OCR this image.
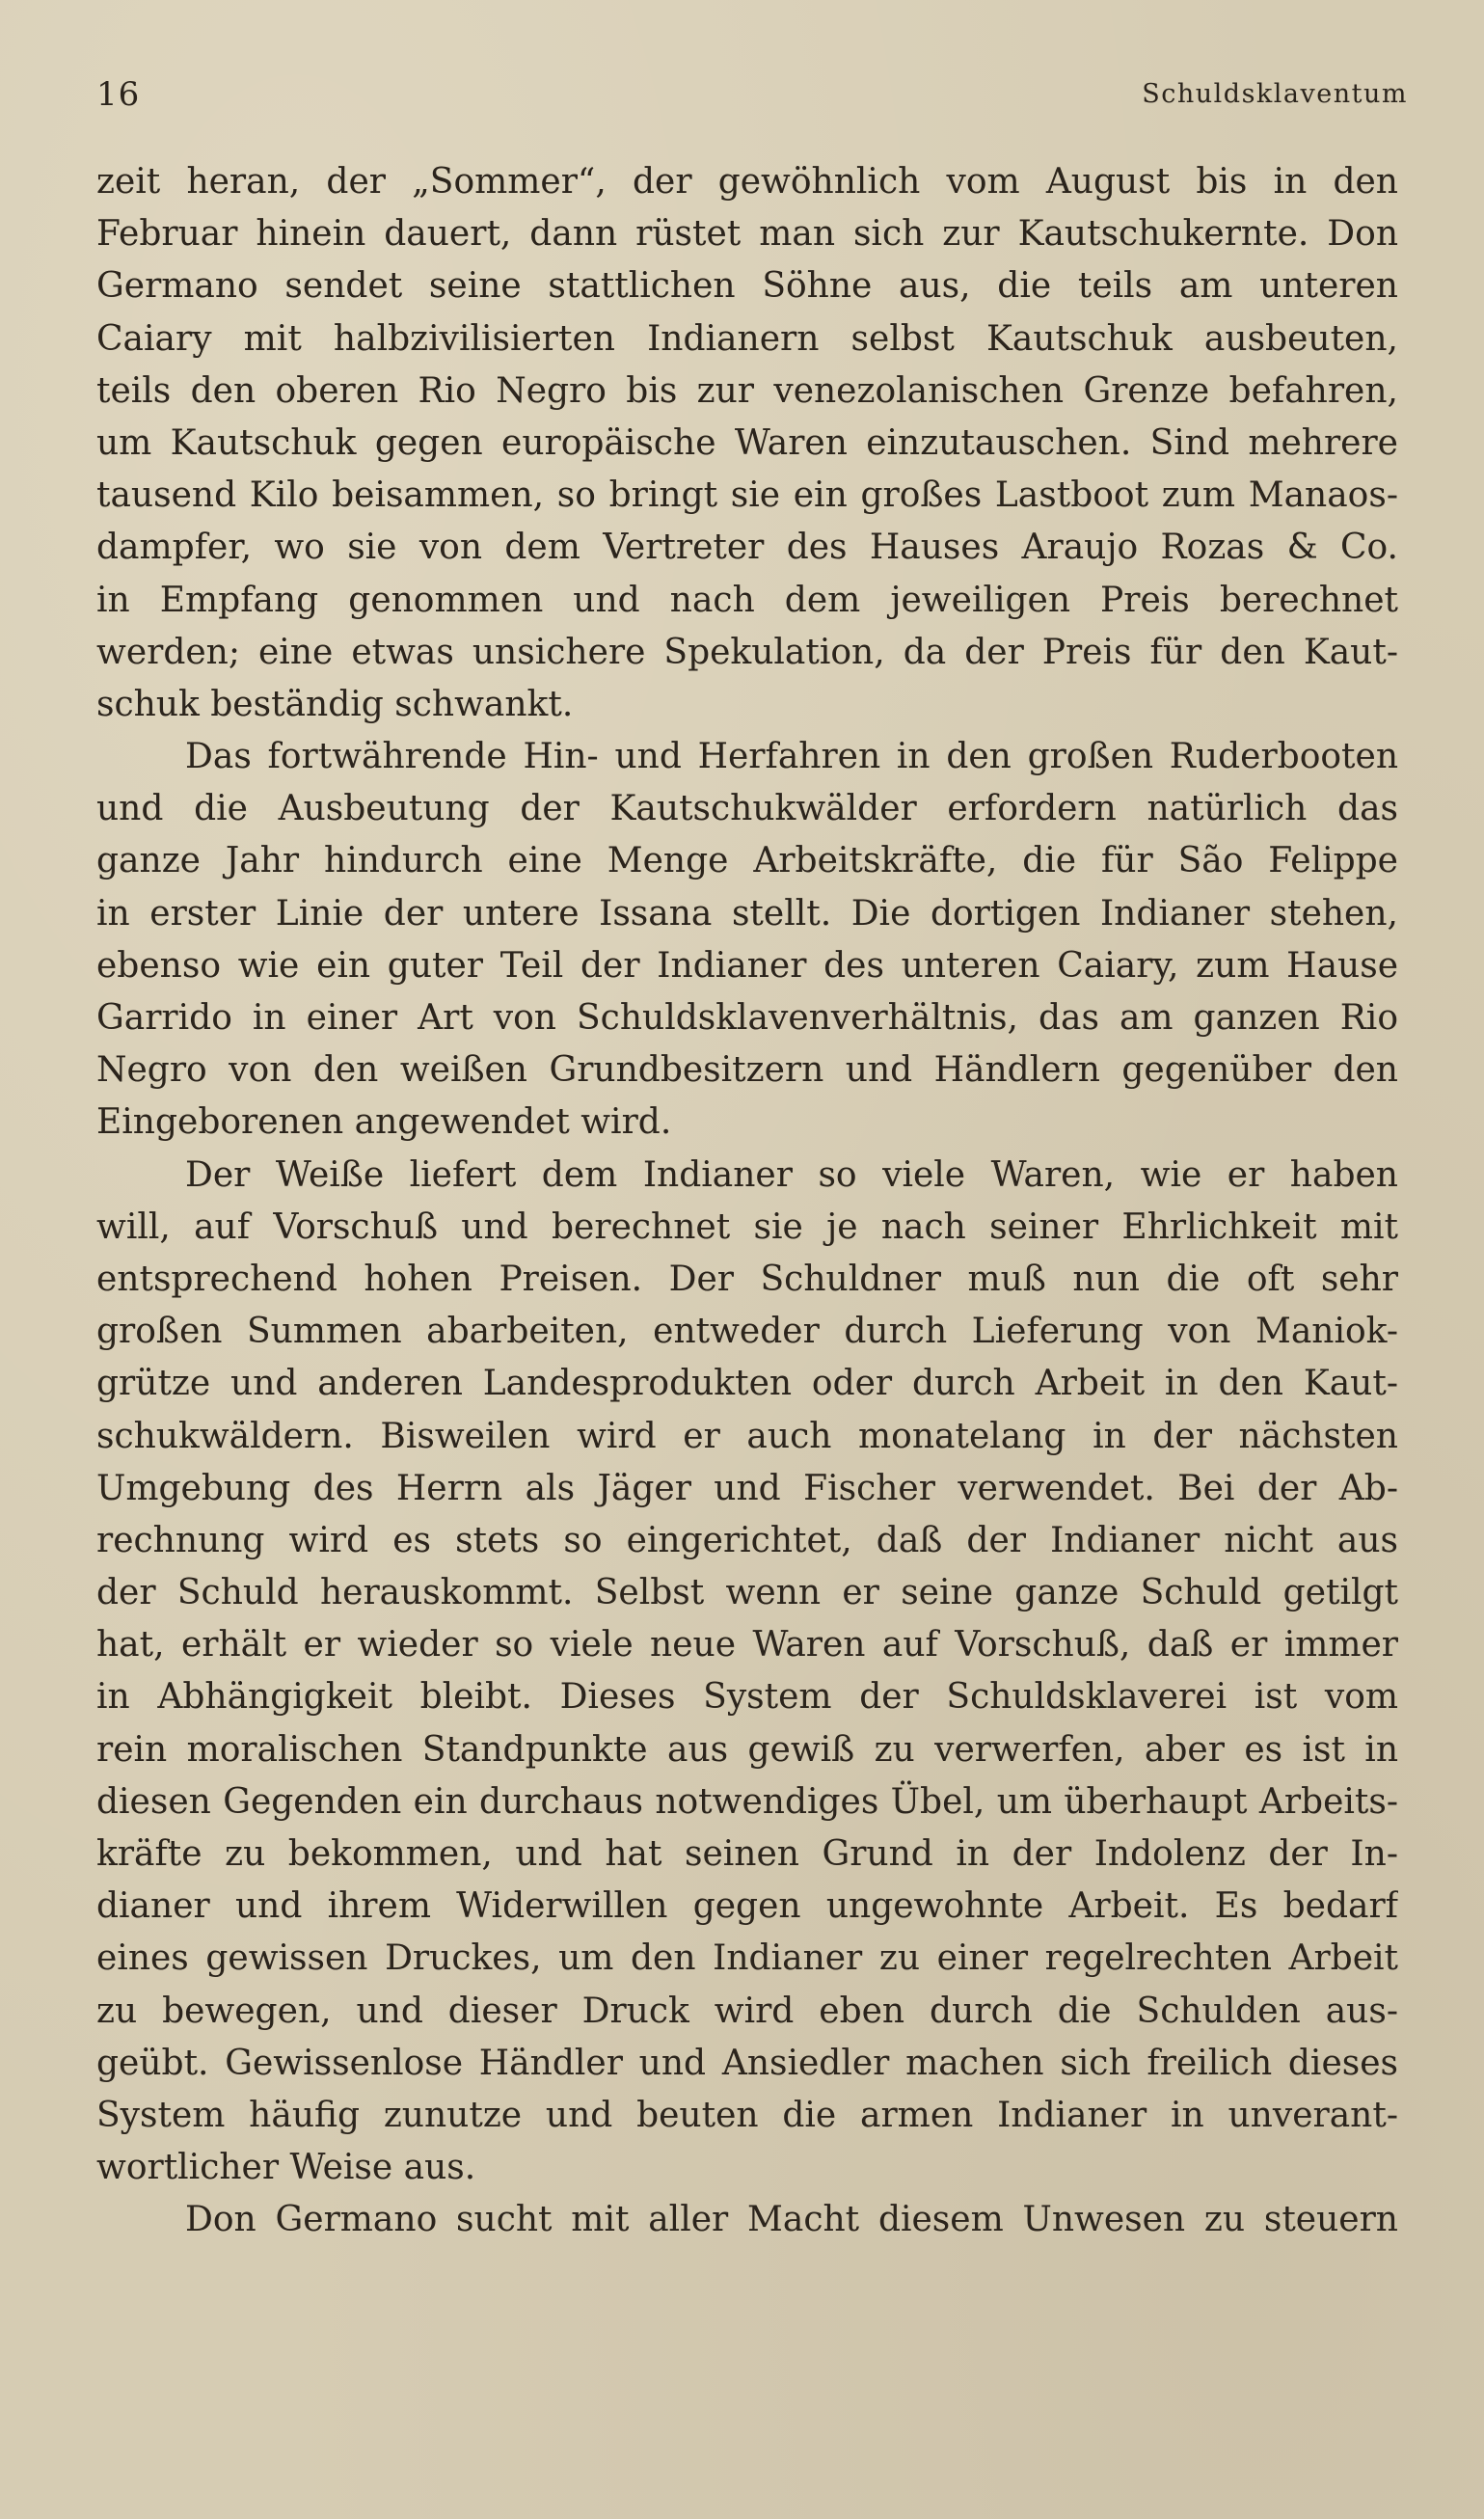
16	Schuldsklaventum
zeit heran, der „Sommer“, der gewöhnlich vom August bis in den
Februar hinein dauert, dann rüstet man sich zur Kautschukernte. Don
Germano sendet seine stattlichen Söhne aus, die teils am unteren
Caiary mit halbzivilisierten Indianern selbst Kautschuk ausbeuten,
teils den oberen Rio Negro bis zur venezolanischen Grenze befahren,
um Kautschuk gegen europäische Waren einzutauschen. Sind mehrere
tausend Kilo beisammen, so bringt sie ein großes Lastboot zum Manaos-
dampfer, wo sie von dem Vertreter des Hauses Araujo Rozas & Co.
in Empfang genommen und nach dem jeweiligen Preis berechnet
werden; eine etwas unsichere Spekulation, da der Preis für den Kaut-
schuk beständig schwankt.
Das fortwährende Hin- und Herfahren in den großen Ruderbooten
und die Ausbeutung der Kautschukwälder erfordern natürlich das
ganze Jahr hindurch eine Menge Arbeitskräfte, die für São Felippe
in erster Linie der untere Issana stellt. Die dortigen Indianer stehen,
ebenso wie ein guter Teil der Indianer des unteren Caiary, zum Hause
Garrido in einer Art von Schuldsklavenverhältnis, das am ganzen Rio
Negro von den weißen Grundbesitzern und Händlern gegenüber den
Eingeborenen angewendet wird.
Der Weiße liefert dem Indianer so viele Waren, wie er haben
will, auf Vorschuß und berechnet sie je nach seiner Ehrlichkeit mit
entsprechend hohen Preisen. Der Schuldner muß nun die oft sehr
großen Summen abarbeiten, entweder durch Lieferung von Maniok-
grütze und anderen Landesprodukten oder durch Arbeit in den Kaut-
schukwäldern. Bisweilen wird er auch monatelang in der nächsten
Umgebung des Herrn als Jäger und Fischer verwendet. Bei der Ab-
rechnung wird es stets so eingerichtet, daß der Indianer nicht aus
der Schuld herauskommt. Selbst wenn er seine ganze Schuld getilgt
hat, erhält er wieder so viele neue Waren auf Vorschuß, daß er immer
in Abhängigkeit bleibt. Dieses System der Schuldsklaverei ist vom
rein moralischen Standpunkte aus gewiß zu verwerfen, aber es ist in
diesen Gegenden ein durchaus notwendiges Übel, um überhaupt Arbeits-
kräfte zu bekommen, und hat seinen Grund in der Indolenz der In-
dianer und ihrem Widerwillen gegen ungewohnte Arbeit. Es bedarf
eines gewissen Druckes, um den Indianer zu einer regelrechten Arbeit
zu bewegen, und dieser Druck wird eben durch die Schulden aus-
geübt. Gewissenlose Händler und Ansiedler machen sich freilich dieses
System häufig zunutze und beuten die armen Indianer in unverant-
wortlicher Weise aus.
Don Germano sucht mit aller Macht diesem Unwesen zu steuern
